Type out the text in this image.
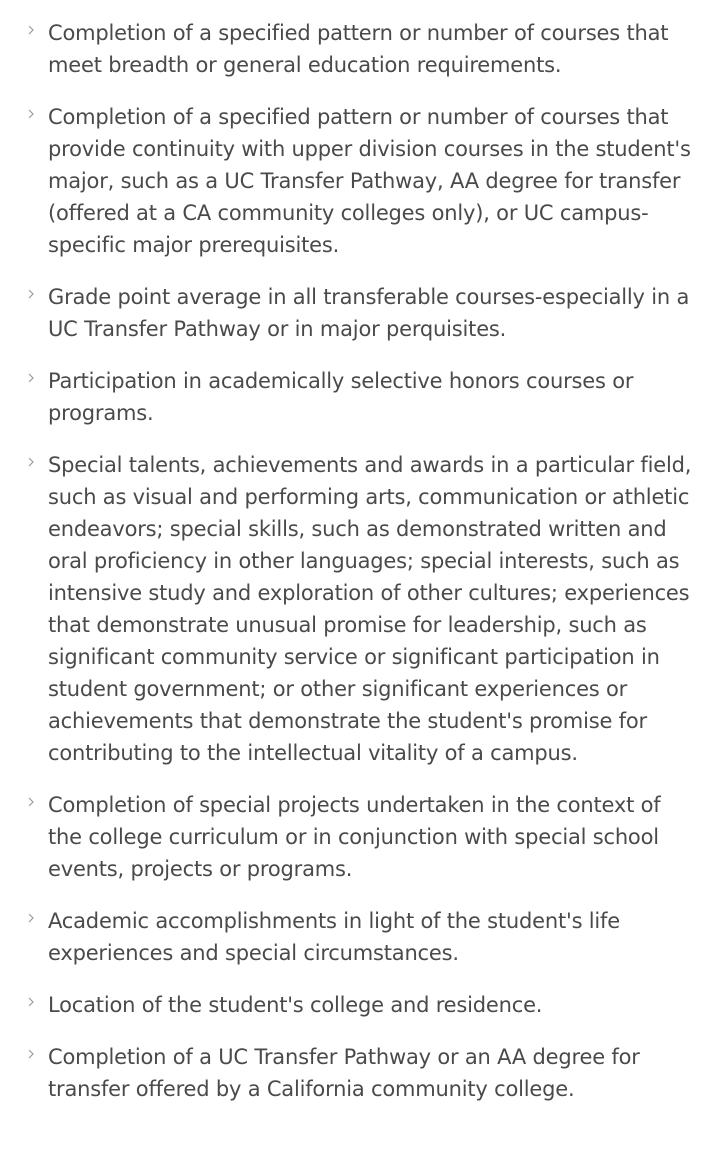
Completion of a specified pattern or number of courses that meet breadth or general education requirements.
Completion of a specified pattern or number of courses that provide continuity with upper division courses in the student's major, such as a UC Transfer Pathway, AA degree for transfer (offered at a CA community colleges only), or UC campus-specific major prerequisites.
Grade point average in all transferable courses-especially in a UC Transfer Pathway or in major perquisites.
Participation in academically selective honors courses or programs.
Special talents, achievements and awards in a particular field, such as visual and performing arts, communication or athletic endeavors; special skills, such as demonstrated written and oral proficiency in other languages; special interests, such as intensive study and exploration of other cultures; experiences that demonstrate unusual promise for leadership, such as significant community service or significant participation in student government; or other significant experiences or achievements that demonstrate the student's promise for contributing to the intellectual vitality of a campus.
Completion of special projects undertaken in the context of the college curriculum or in conjunction with special school events, projects or programs.
Academic accomplishments in light of the student's life experiences and special circumstances.
Location of the student's college and residence.
Completion of a UC Transfer Pathway or an AA degree for transfer offered by a California community college.
